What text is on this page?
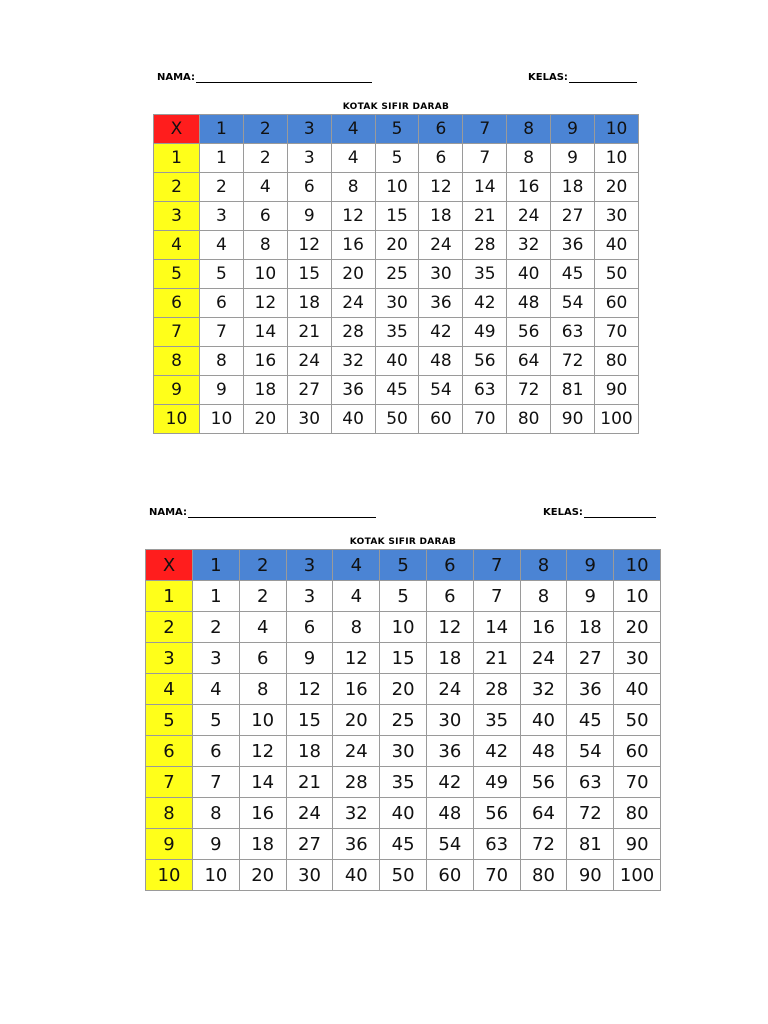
NAMA:	KELAS:
KOTAK SIFIR DARAB
X	1	2	3	4	5	6	7	8	9	10
1	1	2	3	4	5	6	7	8	9	10
2	2	4	6	8	10	12	14	16	18	20
3	3	6	9	12	15	18	21	24	27	30
4	4	8	12	16	20	24	28	32	36	40
5	5	10	15	20	25	30	35	40	45	50
6	6	12	18	24	30	36	42	48	54	60
7	7	14	21	28	35	42	49	56	63	70
8	8	16	24	32	40	48	56	64	72	80
9	9	18	27	36	45	54	63	72	81	90
10	10	20	30	40	50	60	70	80	90	100
NAMA:	KELAS:
KOTAK SIFIR DARAB
X	1	2	3	4	5	6	7	8	9	10
1	1	2	3	4	5	6	7	8	9	10
2	2	4	6	8	10	12	14	16	18	20
3	3	6	9	12	15	18	21	24	27	30
4	4	8	12	16	20	24	28	32	36	40
5	5	10	15	20	25	30	35	40	45	50
6	6	12	18	24	30	36	42	48	54	60
7	7	14	21	28	35	42	49	56	63	70
8	8	16	24	32	40	48	56	64	72	80
9	9	18	27	36	45	54	63	72	81	90
10	10	20	30	40	50	60	70	80	90	100
